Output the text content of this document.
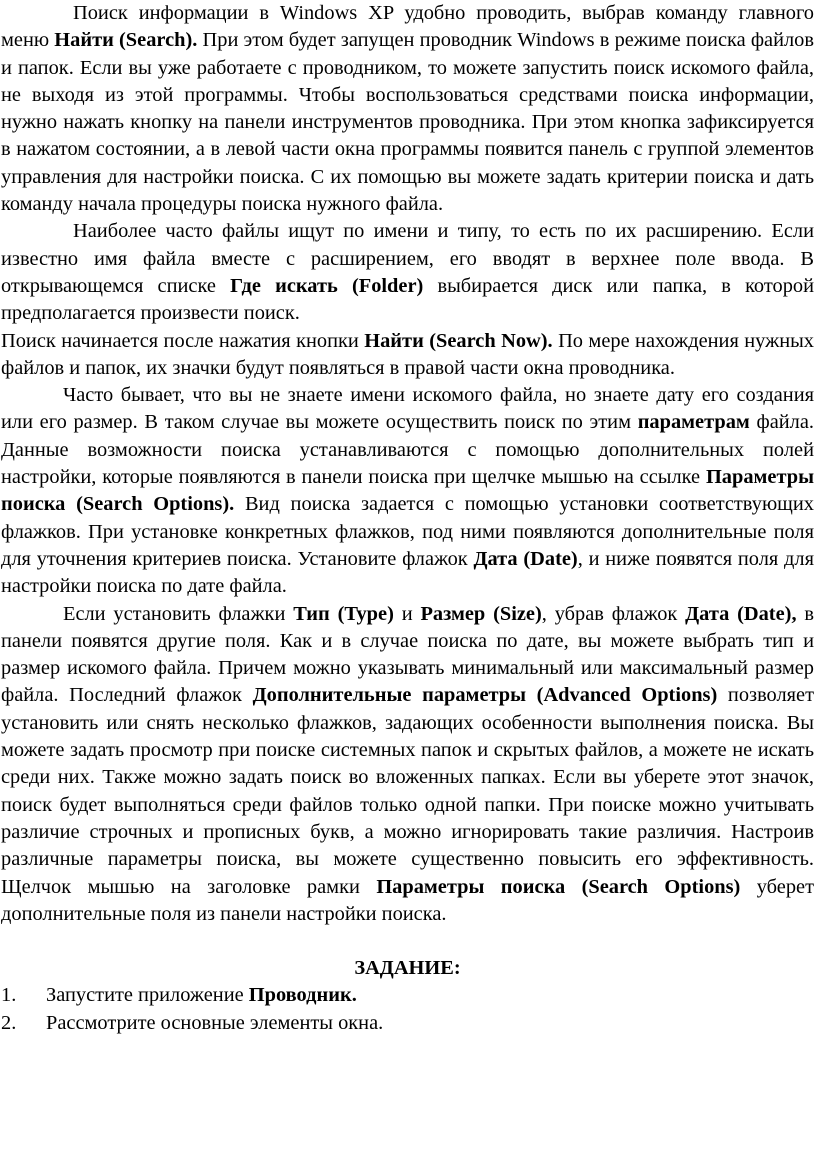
Поиск информации в Windows XP удобно проводить, выбрав команду главного меню Найти (Search). При этом будет запущен проводник Windows в режиме поиска файлов и папок. Если вы уже работаете с проводником, то можете запустить поиск искомого файла, не выходя из этой программы. Чтобы воспользоваться средствами поиска информации, нужно нажать кнопку на панели инструментов проводника. При этом кнопка зафиксируется в нажатом состоянии, а в левой части окна программы появится панель с группой элементов управления для настройки поиска. С их помощью вы можете задать критерии поиска и дать команду начала процедуры поиска нужного файла.

Наиболее часто файлы ищут по имени и типу, то есть по их расширению. Если известно имя файла вместе с расширением, его вводят в верхнее поле ввода. В открывающемся списке Где искать (Folder) выбирается диск или папка, в которой предполагается произвести поиск.

Поиск начинается после нажатия кнопки Найти (Search Now). По мере нахождения нужных файлов и папок, их значки будут появляться в правой части окна проводника.

Часто бывает, что вы не знаете имени искомого файла, но знаете дату его создания или его размер. В таком случае вы можете осуществить поиск по этим параметрам файла. Данные возможности поиска устанавливаются с помощью дополнительных полей настройки, которые появляются в панели поиска при щелчке мышью на ссылке Параметры поиска (Search Options). Вид поиска задается с помощью установки соответствующих флажков. При установке конкретных флажков, под ними появляются дополнительные поля для уточнения критериев поиска. Установите флажок Дата (Date), и ниже появятся поля для настройки поиска по дате файла.

Если установить флажки Тип (Type) и Размер (Size), убрав флажок Дата (Date), в панели появятся другие поля. Как и в случае поиска по дате, вы можете выбрать тип и размер искомого файла. Причем можно указывать минимальный или максимальный размер файла. Последний флажок Дополнительные параметры (Advanced Options) позволяет установить или снять несколько флажков, задающих особенности выполнения поиска. Вы можете задать просмотр при поиске системных папок и скрытых файлов, а можете не искать среди них. Также можно задать поиск во вложенных папках. Если вы уберете этот значок, поиск будет выполняться среди файлов только одной папки. При поиске можно учитывать различие строчных и прописных букв, а можно игнорировать такие различия. Настроив различные параметры поиска, вы можете существенно повысить его эффективность. Щелчок мышью на заголовке рамки Параметры поиска (Search Options) уберет дополнительные поля из панели настройки поиска.

ЗАДАНИЕ:
1.	Запустите приложение Проводник.
2.	Рассмотрите основные элементы окна.
